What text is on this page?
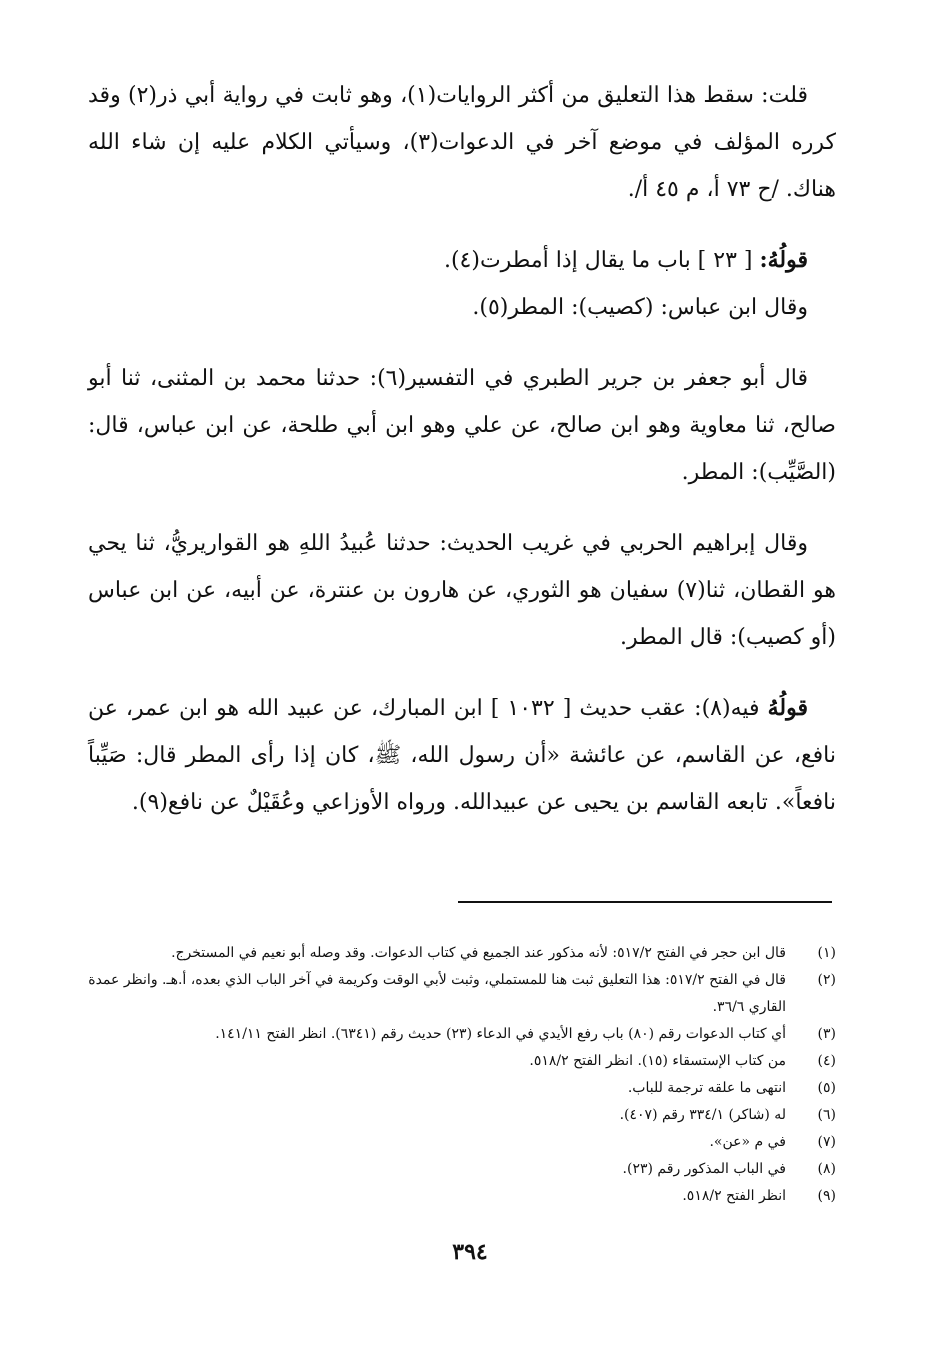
قلت: سقط هذا التعليق من أكثر الروايات(١)، وهو ثابت في رواية أبي ذر(٢) وقد كرره المؤلف في موضع آخر في الدعوات(٣)، وسيأتي الكلام عليه إن شاء الله هناك. /ح ٧٣ أ، م ٤٥ أ/.

قولُهُ: [ ٢٣ ] باب ما يقال إذا أمطرت(٤).

وقال ابن عباس: (كصيب): المطر(٥).

قال أبو جعفر بن جرير الطبري في التفسير(٦): حدثنا محمد بن المثنى، ثنا أبو صالح، ثنا معاوية وهو ابن صالح، عن علي وهو ابن أبي طلحة، عن ابن عباس، قال: (الصَّيِّب): المطر.

وقال إبراهيم الحربي في غريب الحديث: حدثنا عُبيدُ اللهِ هو القواريريُّ، ثنا يحي هو القطان، ثنا(٧) سفيان هو الثوري، عن هارون بن عنترة، عن أبيه، عن ابن عباس (أو كصيب): قال المطر.

قولُهُ فيه(٨): عقب حديث [ ١٠٣٢ ] ابن المبارك، عن عبيد الله هو ابن عمر، عن نافع، عن القاسم، عن عائشة «أن رسول الله، ﷺ، كان إذا رأى المطر قال: صَيِّباً نافعاً». تابعه القاسم بن يحيى عن عبيدالله. ورواه الأوزاعي وعُقَيْلٌ عن نافع(٩).

(١)
قال ابن حجر في الفتح ٥١٧/٢: لأنه مذكور عند الجميع في كتاب الدعوات. وقد وصله أبو نعيم في المستخرج.
(٢)
قال في الفتح ٥١٧/٢: هذا التعليق ثبت هنا للمستملي، وثبت لأبي الوقت وكريمة في آخر الباب الذي بعده، أ.هـ. وانظر عمدة القاري ٣٦/٦.
(٣)
أي كتاب الدعوات رقم (٨٠) باب رفع الأيدي في الدعاء (٢٣) حديث رقم (٦٣٤١). انظر الفتح ١٤١/١١.
(٤)
من كتاب الإستسقاء (١٥). انظر الفتح ٥١٨/٢.
(٥)
انتهى ما علقه ترجمة للباب.
(٦)
له (شاكر) ٣٣٤/١ رقم (٤٠٧).
(٧)
في م «عن».
(٨)
في الباب المذكور رقم (٢٣).
(٩)
انظر الفتح ٥١٨/٢.
٣٩٤
